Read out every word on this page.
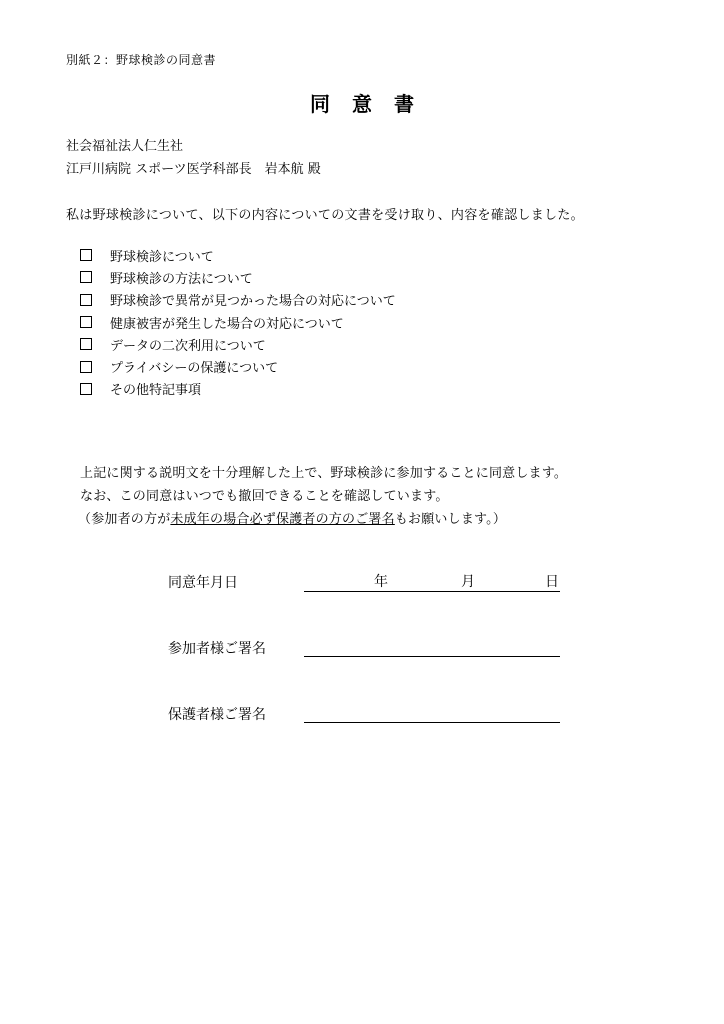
別紙２：野球検診の同意書
同意書
社会福祉法人仁生社
江戸川病院 スポーツ医学科部長　岩本航 殿
私は野球検診について、以下の内容についての文書を受け取り、内容を確認しました。
野球検診について
野球検診の方法について
野球検診で異常が見つかった場合の対応について
健康被害が発生した場合の対応について
データの二次利用について
プライバシーの保護について
その他特記事項
上記に関する説明文を十分理解した上で、野球検診に参加することに同意します。
なお、この同意はいつでも撤回できることを確認しています。
（参加者の方が未成年の場合必ず保護者の方のご署名もお願いします。）
同意年月日	年	月	日
参加者様ご署名
保護者様ご署名
